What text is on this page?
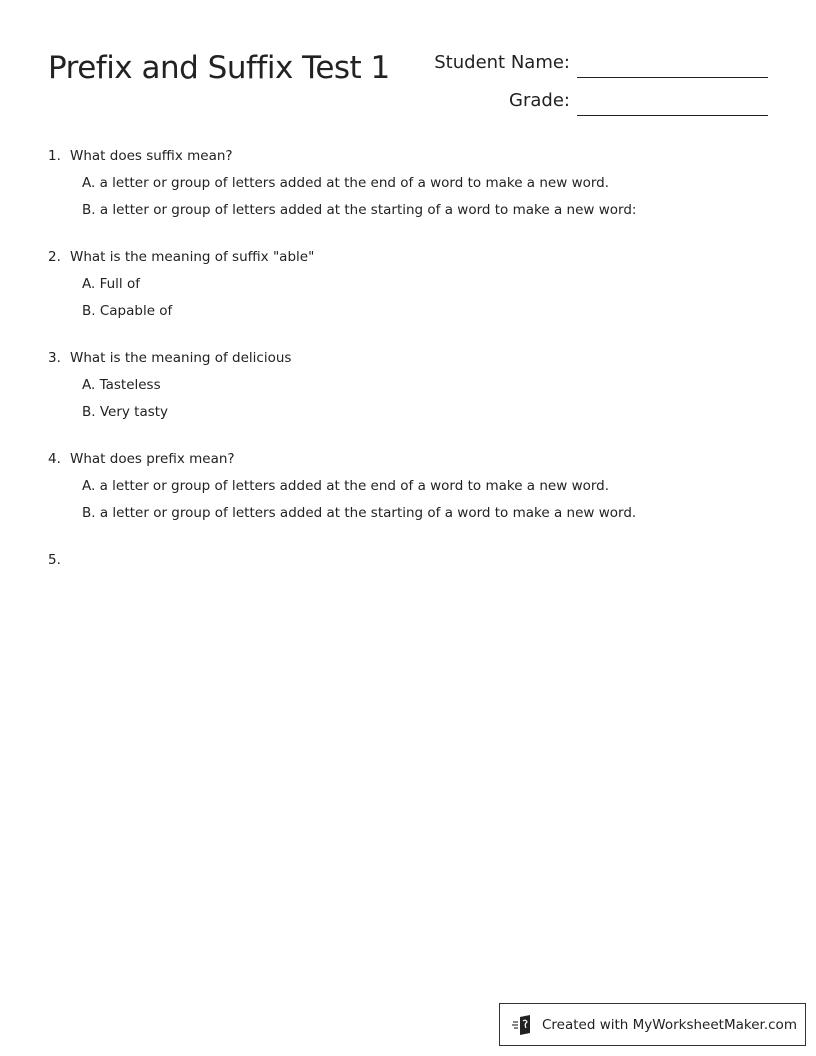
Prefix and Suffix Test 1 Student Name:
Grade:
1. What does suffix mean?
A. a letter or group of letters added at the end of a word to make a new word.
B. a letter or group of letters added at the starting of a word to make a new word:
2. What is the meaning of suffix "able"
A. Full of
B. Capable of
3. What is the meaning of delicious
A. Tasteless
B. Very tasty
4. What does prefix mean?
A. a letter or group of letters added at the end of a word to make a new word.
B. a letter or group of letters added at the starting of a word to make a new word.
5.
Created with MyWorksheetMaker.com
